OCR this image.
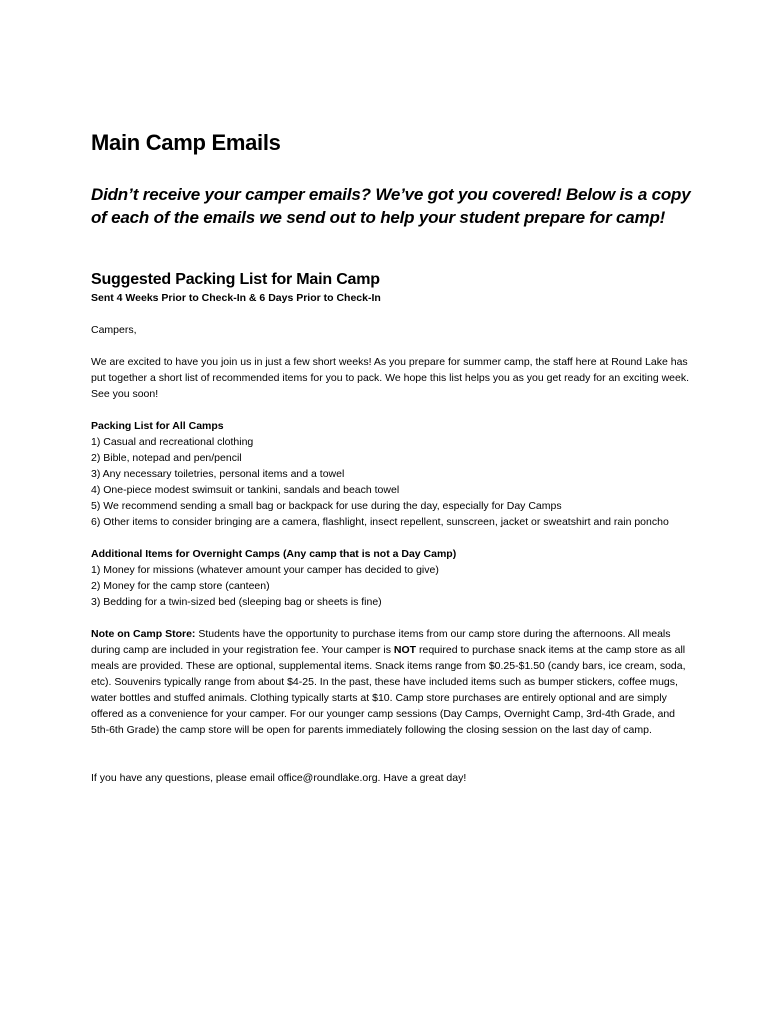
Main Camp Emails

Didn’t receive your camper emails? We’ve got you covered! Below is a copy of each of the emails we send out to help your student prepare for camp!

Suggested Packing List for Main Camp

Sent 4 Weeks Prior to Check-In & 6 Days Prior to Check-In

Campers,

We are excited to have you join us in just a few short weeks! As you prepare for summer camp, the staff here at Round Lake has put together a short list of recommended items for you to pack. We hope this list helps you as you get ready for an exciting week. See you soon!

Packing List for All Camps
1) Casual and recreational clothing
2) Bible, notepad and pen/pencil
3) Any necessary toiletries, personal items and a towel
4) One-piece modest swimsuit or tankini, sandals and beach towel
5) We recommend sending a small bag or backpack for use during the day, especially for Day Camps
6) Other items to consider bringing are a camera, flashlight, insect repellent, sunscreen, jacket or sweatshirt and rain poncho
Additional Items for Overnight Camps (Any camp that is not a Day Camp)
1) Money for missions (whatever amount your camper has decided to give)
2) Money for the camp store (canteen)
3) Bedding for a twin-sized bed (sleeping bag or sheets is fine)

Note on Camp Store: Students have the opportunity to purchase items from our camp store during the afternoons. All meals during camp are included in your registration fee. Your camper is NOT required to purchase snack items at the camp store as all meals are provided. These are optional, supplemental items. Snack items range from $0.25-$1.50 (candy bars, ice cream, soda, etc). Souvenirs typically range from about $4-25. In the past, these have included items such as bumper stickers, coffee mugs, water bottles and stuffed animals. Clothing typically starts at $10. Camp store purchases are entirely optional and are simply offered as a convenience for your camper. For our younger camp sessions (Day Camps, Overnight Camp, 3rd-4th Grade, and 5th-6th Grade) the camp store will be open for parents immediately following the closing session on the last day of camp.

If you have any questions, please email office@roundlake.org. Have a great day!
